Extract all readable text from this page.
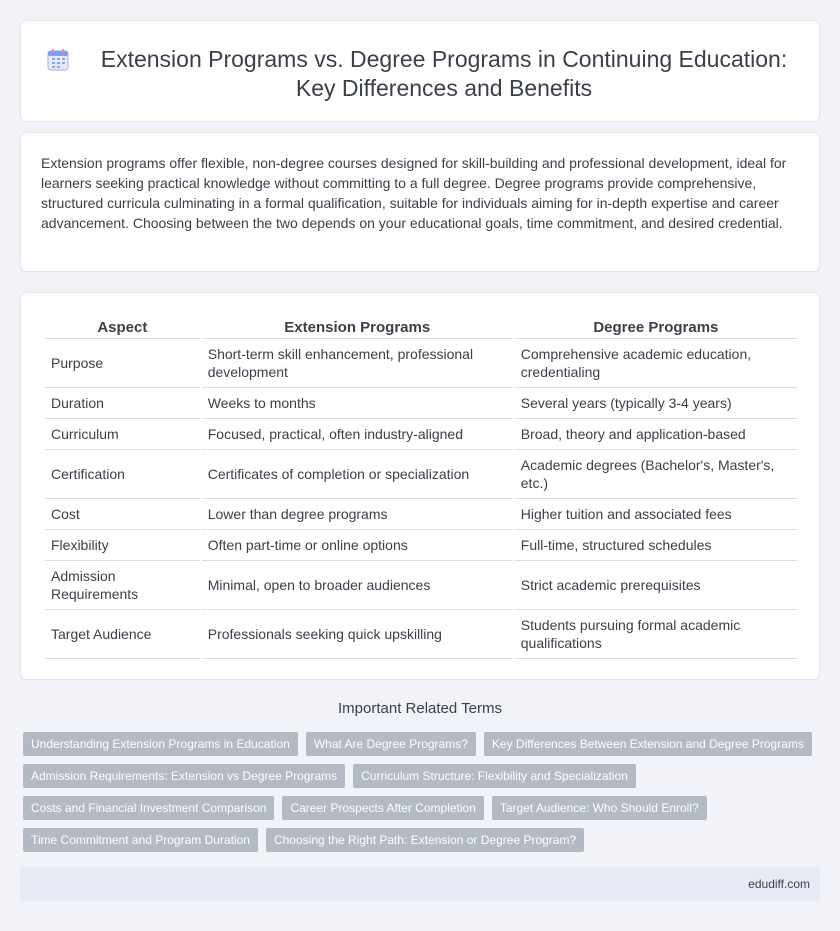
Extension Programs vs. Degree Programs in Continuing Education: Key Differences and Benefits

Extension programs offer flexible, non-degree courses designed for skill-building and professional development, ideal for learners seeking practical knowledge without committing to a full degree. Degree programs provide comprehensive, structured curricula culminating in a formal qualification, suitable for individuals aiming for in-depth expertise and career advancement. Choosing between the two depends on your educational goals, time commitment, and desired credential.

Aspect	Extension Programs	Degree Programs
Purpose	Short-term skill enhancement, professional development	Comprehensive academic education, credentialing
Duration	Weeks to months	Several years (typically 3-4 years)
Curriculum	Focused, practical, often industry-aligned	Broad, theory and application-based
Certification	Certificates of completion or specialization	Academic degrees (Bachelor's, Master's, etc.)
Cost	Lower than degree programs	Higher tuition and associated fees
Flexibility	Often part-time or online options	Full-time, structured schedules
Admission Requirements	Minimal, open to broader audiences	Strict academic prerequisites
Target Audience	Professionals seeking quick upskilling	Students pursuing formal academic qualifications
Important Related Terms
Understanding Extension Programs in Education	What Are Degree Programs?	Key Differences Between Extension and Degree Programs
Admission Requirements: Extension vs Degree Programs	Curriculum Structure: Flexibility and Specialization
Costs and Financial Investment Comparison	Career Prospects After Completion	Target Audience: Who Should Enroll?
Time Commitment and Program Duration	Choosing the Right Path: Extension or Degree Program?
edudiff.com
